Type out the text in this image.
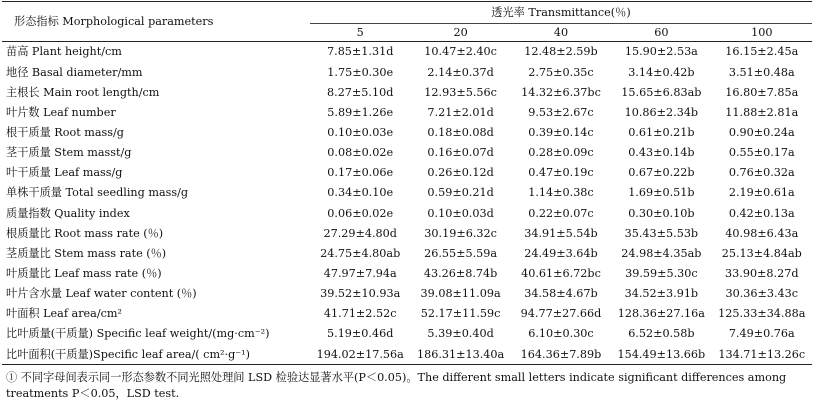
形态指标 Morphological parameters	透光率 Transmittance(％)				
	5	20	40	60	100
苗高 Plant height/cm	7.85±1.31d	10.47±2.40c	12.48±2.59b	15.90±2.53a	16.15±2.45a
地径 Basal diameter/mm	1.75±0.30e	2.14±0.37d	2.75±0.35c	3.14±0.42b	3.51±0.48a
主根长 Main root length/cm	8.27±5.10d	12.93±5.56c	14.32±6.37bc	15.65±6.83ab	16.80±7.85a
叶片数 Leaf number	5.89±1.26e	7.21±2.01d	9.53±2.67c	10.86±2.34b	11.88±2.81a
根干质量 Root mass/g	0.10±0.03e	0.18±0.08d	0.39±0.14c	0.61±0.21b	0.90±0.24a
茎干质量 Stem masst/g	0.08±0.02e	0.16±0.07d	0.28±0.09c	0.43±0.14b	0.55±0.17a
叶干质量 Leaf mass/g	0.17±0.06e	0.26±0.12d	0.47±0.19c	0.67±0.22b	0.76±0.32a
单株干质量 Total seedling mass/g	0.34±0.10e	0.59±0.21d	1.14±0.38c	1.69±0.51b	2.19±0.61a
质量指数 Quality index	0.06±0.02e	0.10±0.03d	0.22±0.07c	0.30±0.10b	0.42±0.13a
根质量比 Root mass rate (％)	27.29±4.80d	30.19±6.32c	34.91±5.54b	35.43±5.53b	40.98±6.43a
茎质量比 Stem mass rate (％)	24.75±4.80ab	26.55±5.59a	24.49±3.64b	24.98±4.35ab	25.13±4.84ab
叶质量比 Leaf mass rate (％)	47.97±7.94a	43.26±8.74b	40.61±6.72bc	39.59±5.30c	33.90±8.27d
叶片含水量 Leaf water content (％)	39.52±10.93a	39.08±11.09a	34.58±4.67b	34.52±3.91b	30.36±3.43c
叶面积 Leaf area/cm²	41.71±2.52c	52.17±11.59c	94.77±27.66d	128.36±27.16a	125.33±34.88a
比叶质量(干质量) Specific leaf weight/(mg·cm⁻²)	5.19±0.46d	5.39±0.40d	6.10±0.30c	6.52±0.58b	7.49±0.76a
比叶面积(干质量)Specific leaf area/( cm²·g⁻¹)	194.02±17.56a	186.31±13.40a	164.36±7.89b	154.49±13.66b	134.71±13.26c
① 不同字母间表示同一形态参数不同光照处理间 LSD 检验达显著水平(P＜0.05)。The different small letters indicate significant differences among treatments P＜0.05，LSD test.
